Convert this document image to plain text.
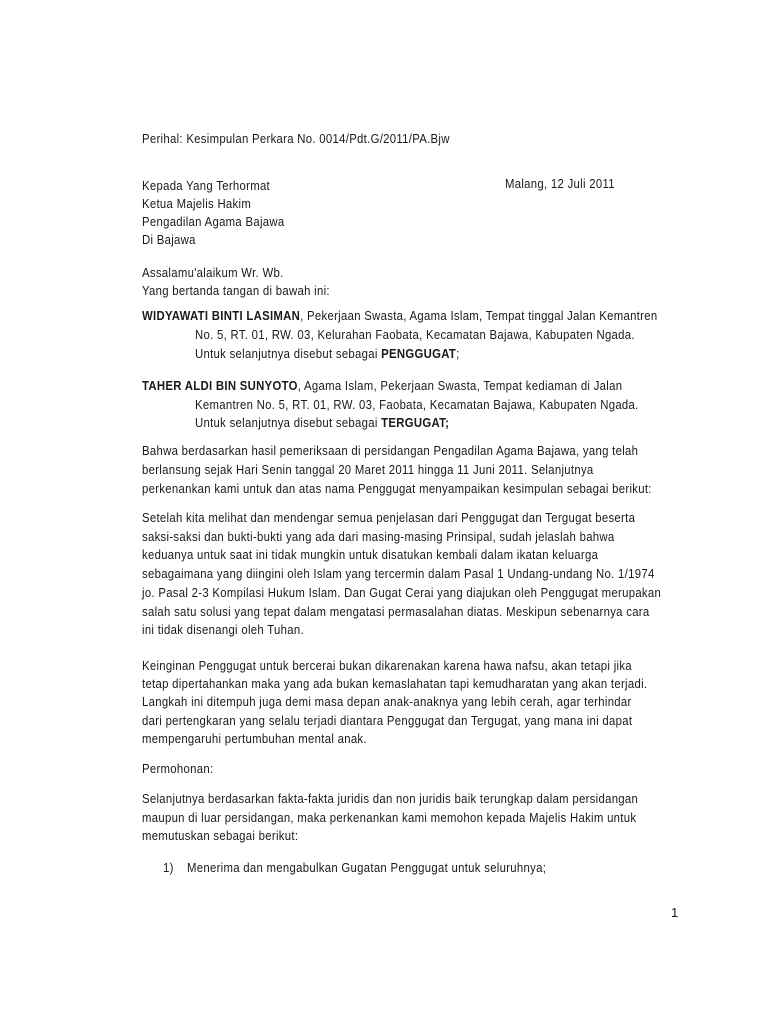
Perihal: Kesimpulan Perkara No. 0014/Pdt.G/2011/PA.Bjw
Kepada Yang Terhormat	Malang, 12 Juli 2011
Ketua Majelis Hakim
Pengadilan Agama Bajawa
Di Bajawa
Assalamu'alaikum Wr. Wb.
Yang bertanda tangan di bawah ini:
WIDYAWATI BINTI LASIMAN, Pekerjaan Swasta, Agama Islam, Tempat tinggal Jalan Kemantren
No. 5, RT. 01, RW. 03, Kelurahan Faobata, Kecamatan Bajawa, Kabupaten Ngada.
Untuk selanjutnya disebut sebagai PENGGUGAT;
TAHER ALDI BIN SUNYOTO, Agama Islam, Pekerjaan Swasta, Tempat kediaman di Jalan
Kemantren No. 5, RT. 01, RW. 03, Faobata, Kecamatan Bajawa, Kabupaten Ngada.
Untuk selanjutnya disebut sebagai TERGUGAT;
Bahwa berdasarkan hasil pemeriksaan di persidangan Pengadilan Agama Bajawa, yang telah
berlansung sejak Hari Senin tanggal 20 Maret 2011 hingga 11 Juni 2011. Selanjutnya
perkenankan kami untuk dan atas nama Penggugat menyampaikan kesimpulan sebagai berikut:
Setelah kita melihat dan mendengar semua penjelasan dari Penggugat dan Tergugat beserta
saksi-saksi dan bukti-bukti yang ada dari masing-masing Prinsipal, sudah jelaslah bahwa
keduanya untuk saat ini tidak mungkin untuk disatukan kembali dalam ikatan keluarga
sebagaimana yang diingini oleh Islam yang tercermin dalam Pasal 1 Undang-undang No. 1/1974
jo. Pasal 2-3 Kompilasi Hukum Islam. Dan Gugat Cerai yang diajukan oleh Penggugat merupakan
salah satu solusi yang tepat dalam mengatasi permasalahan diatas. Meskipun sebenarnya cara
ini tidak disenangi oleh Tuhan.
Keinginan Penggugat untuk bercerai bukan dikarenakan karena hawa nafsu, akan tetapi jika
tetap dipertahankan maka yang ada bukan kemaslahatan tapi kemudharatan yang akan terjadi.
Langkah ini ditempuh juga demi masa depan anak-anaknya yang lebih cerah, agar terhindar
dari pertengkaran yang selalu terjadi diantara Penggugat dan Tergugat, yang mana ini dapat
mempengaruhi pertumbuhan mental anak.
Permohonan:
Selanjutnya berdasarkan fakta-fakta juridis dan non juridis baik terungkap dalam persidangan
maupun di luar persidangan, maka perkenankan kami memohon kepada Majelis Hakim untuk
memutuskan sebagai berikut:
1) Menerima dan mengabulkan Gugatan Penggugat untuk seluruhnya;
1
